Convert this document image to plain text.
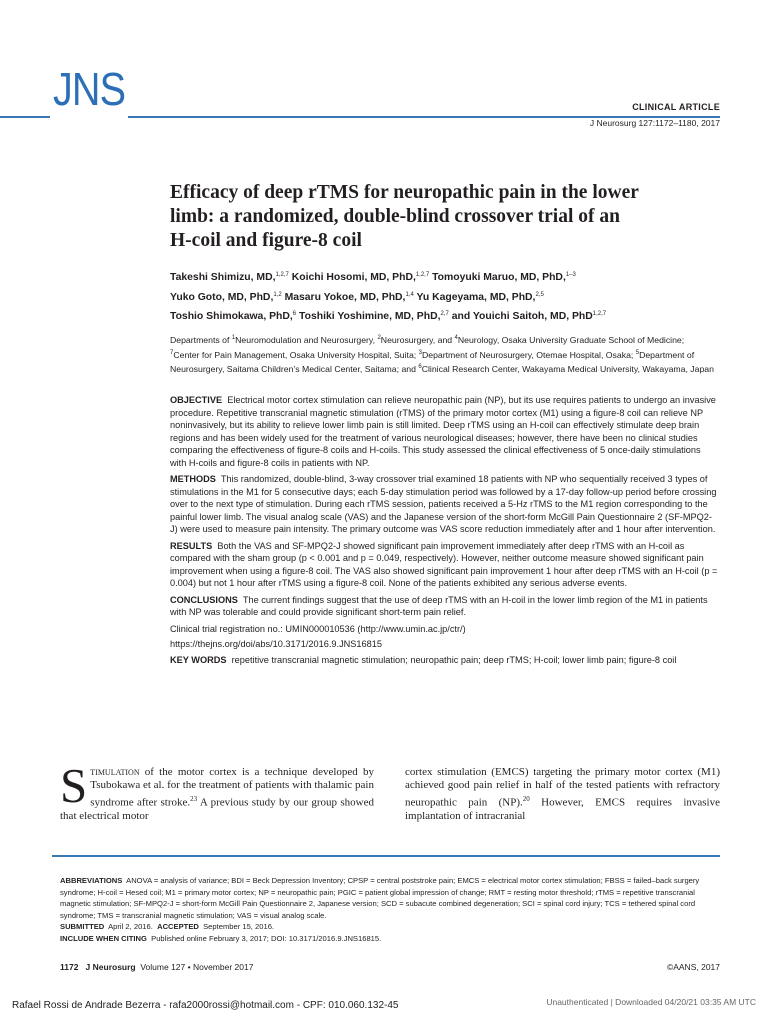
JNS	CLINICAL ARTICLE
J Neurosurg 127:1172–1180, 2017
Efficacy of deep rTMS for neuropathic pain in the lower
limb: a randomized, double-blind crossover trial of an
H-coil and figure-8 coil
Takeshi Shimizu, MD,$^{1,2,7}$ Koichi Hosomi, MD, PhD,$^{1,2,7}$ Tomoyuki Maruo, MD, PhD,$^{1-3}$
Yuko Goto, MD, PhD,$^{1,2}$ Masaru Yokoe, MD, PhD,$^{1,4}$ Yu Kageyama, MD, PhD,$^{2,5}$
Toshio Shimokawa, PhD,$^6$ Toshiki Yoshimine, MD, PhD,$^{2,7}$ and Youichi Saitoh, MD, PhD$^{1,2,7}$
Departments of $^1$Neuromodulation and Neurosurgery, $^2$Neurosurgery, and $^4$Neurology, Osaka University Graduate School of Medicine; $^7$Center for Pain Management, Osaka University Hospital, Suita; $^3$Department of Neurosurgery, Otemae Hospital, Osaka; $^5$Department of Neurosurgery, Saitama Children’s Medical Center, Saitama; and $^6$Clinical Research Center, Wakayama Medical University, Wakayama, Japan

OBJECTIVE Electrical motor cortex stimulation can relieve neuropathic pain (NP), but its use requires patients to undergo an invasive procedure. Repetitive transcranial magnetic stimulation (rTMS) of the primary motor cortex (M1) using a figure-8 coil can relieve NP noninvasively, but its ability to relieve lower limb pain is still limited. Deep rTMS using an H-coil can effectively stimulate deep brain regions and has been widely used for the treatment of various neurological diseases; however, there have been no clinical studies comparing the effectiveness of figure-8 coils and H-coils. This study assessed the clinical effectiveness of 5 once-daily stimulations with H-coils and figure-8 coils in patients with NP.

METHODS This randomized, double-blind, 3-way crossover trial examined 18 patients with NP who sequentially received 3 types of stimulations in the M1 for 5 consecutive days; each 5-day stimulation period was followed by a 17-day follow-up period before crossing over to the next type of stimulation. During each rTMS session, patients received a 5-Hz rTMS to the M1 region corresponding to the painful lower limb. The visual analog scale (VAS) and the Japanese version of the short-form McGill Pain Questionnaire 2 (SF-MPQ2-J) were used to measure pain intensity. The primary outcome was VAS score reduction immediately after and 1 hour after intervention.

RESULTS Both the VAS and SF-MPQ2-J showed significant pain improvement immediately after deep rTMS with an H-coil as compared with the sham group (p < 0.001 and p = 0.049, respectively). However, neither outcome measure showed significant pain improvement when using a figure-8 coil. The VAS also showed significant pain improvement 1 hour after deep rTMS with an H-coil (p = 0.004) but not 1 hour after rTMS using a figure-8 coil. None of the patients exhibited any serious adverse events.

CONCLUSIONS The current findings suggest that the use of deep rTMS with an H-coil in the lower limb region of the M1 in patients with NP was tolerable and could provide significant short-term pain relief.

Clinical trial registration no.: UMIN000010536 (http://www.umin.ac.jp/ctr/)

https://thejns.org/doi/abs/10.3171/2016.9.JNS16815

KEY WORDS repetitive transcranial magnetic stimulation; neuropathic pain; deep rTMS; H-coil; lower limb pain; figure-8 coil

Stimulation of the motor cortex is a technique developed by Tsubokawa et al. for the treatment of patients with thalamic pain syndrome after stroke.$^{23}$ A previous study by our group showed that electrical motor
cortex stimulation (EMCS) targeting the primary motor cortex (M1) achieved good pain relief in half of the tested patients with refractory neuropathic pain (NP).$^{20}$ However, EMCS requires invasive implantation of intracranial

ABBREVIATIONS ANOVA = analysis of variance; BDI = Beck Depression Inventory; CPSP = central poststroke pain; EMCS = electrical motor cortex stimulation; FBSS = failed–back surgery syndrome; H-coil = Hesed coil; M1 = primary motor cortex; NP = neuropathic pain; PGIC = patient global impression of change; RMT = resting motor threshold; rTMS = repetitive transcranial magnetic stimulation; SF-MPQ2-J = short-form McGill Pain Questionnaire 2, Japanese version; SCD = subacute combined degeneration; SCI = spinal cord injury; TCS = tethered spinal cord syndrome; TMS = transcranial magnetic stimulation; VAS = visual analog scale.

SUBMITTED April 2, 2016. ACCEPTED September 15, 2016.

INCLUDE WHEN CITING Published online February 3, 2017; DOI: 10.3171/2016.9.JNS16815.

1172 J Neurosurg Volume 127 • November 2017	©AANS, 2017
Rafael Rossi de Andrade Bezerra - rafa2000rossi@hotmail.com - CPF: 010.060.132-45	Unauthenticated | Downloaded 04/20/21 03:35 AM UTC
